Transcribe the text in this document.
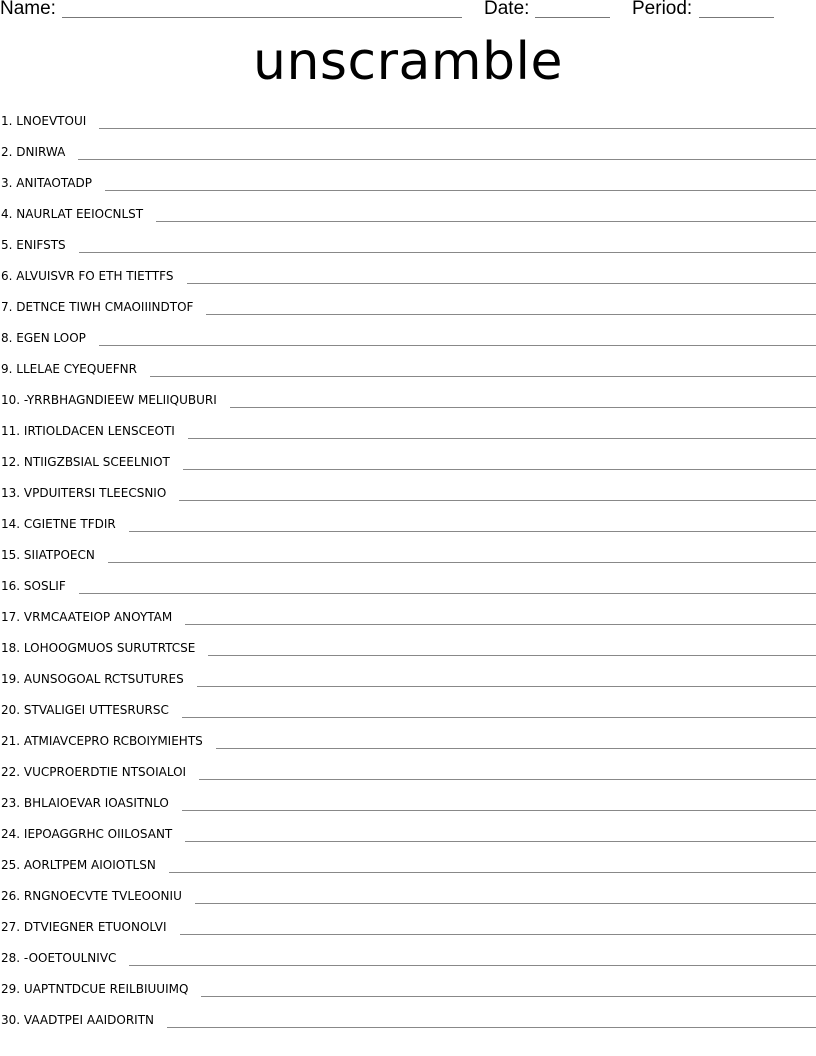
Name:	Date:	Period:
unscramble
1. LNOEVTOUI
2. DNIRWA
3. ANITAOTADP
4. NAURLAT EEIOCNLST
5. ENIFSTS
6. ALVUISVR FO ETH TIETTFS
7. DETNCE TIWH CMAOIIINDTOF
8. EGEN LOOP
9. LLELAE CYEQUEFNR
10. -YRRBHAGNDIEEW MELIIQUBURI
11. IRTIOLDACEN LENSCEOTI
12. NTIIGZBSIAL SCEELNIOT
13. VPDUITERSI TLEECSNIO
14. CGIETNE TFDIR
15. SIIATPOECN
16. SOSLIF
17. VRMCAATEIOP ANOYTAM
18. LOHOOGMUOS SURUTRTCSE
19. AUNSOGOAL RCTSUTURES
20. STVALIGEI UTTESRURSC
21. ATMIAVCEPRO RCBOIYMIEHTS
22. VUCPROERDTIE NTSOIALOI
23. BHLAIOEVAR IOASITNLO
24. IEPOAGGRHC OIILOSANT
25. AORLTPEM AIOIOTLSN
26. RNGNOECVTE TVLEOONIU
27. DTVIEGNER ETUONOLVI
28. -OOETOULNIVC
29. UAPTNTDCUE REILBIUUIMQ
30. VAADTPEI AAIDORITN
